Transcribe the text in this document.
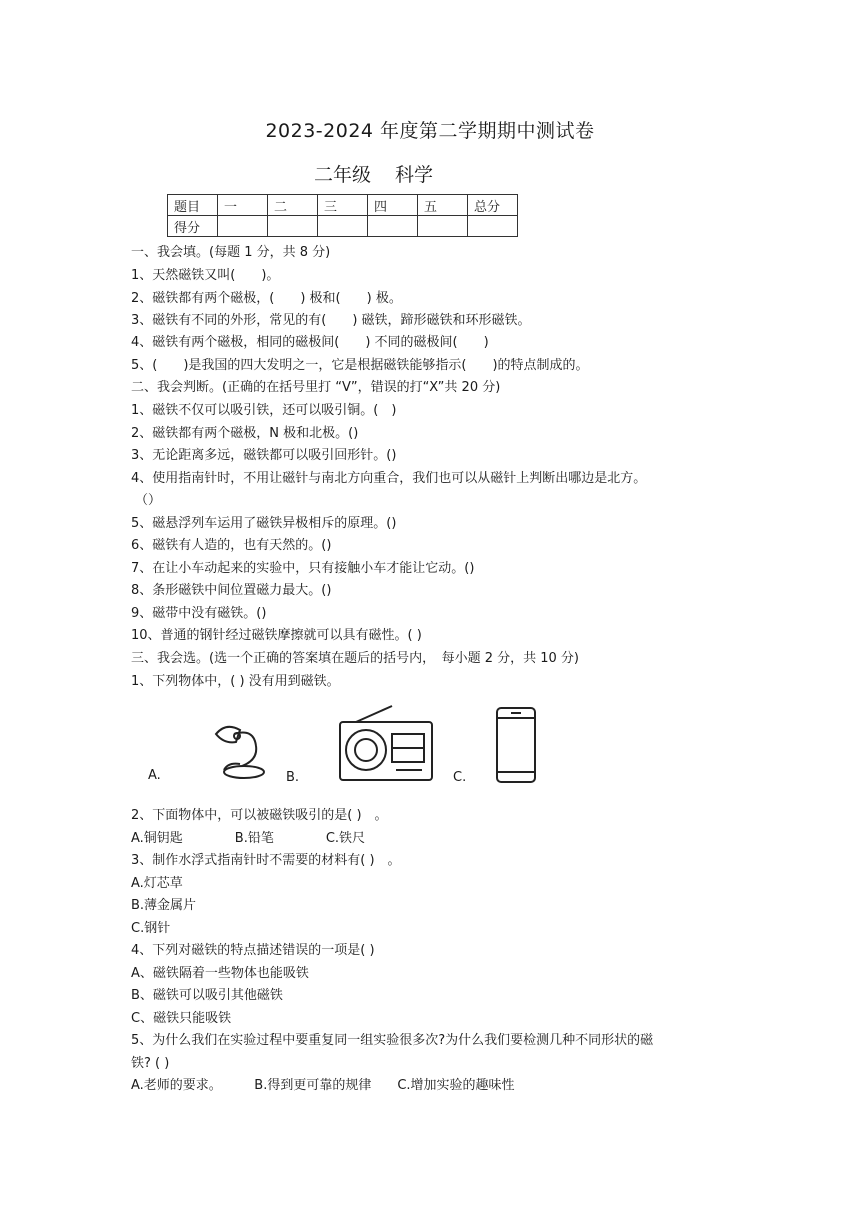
2023-2024 年度第二学期期中测试卷
二年级 科学
题目	一	二	三	四	五	总分
得分						
一、我会填。(每题 1 分，共 8 分)
1、天然磁铁又叫(　　)。
2、磁铁都有两个磁极，(　　) 极和(　　) 极。
3、磁铁有不同的外形，常见的有(　　) 磁铁，蹄形磁铁和环形磁铁。
4、磁铁有两个磁极，相同的磁极间(　　) 不同的磁极间(　　)
5、(　　)是我国的四大发明之一，它是根据磁铁能够指示(　　)的特点制成的。
二、我会判断。(正确的在括号里打 “V”，错误的打“X”共 20 分)
1、磁铁不仅可以吸引铁，还可以吸引铜。(　)
2、磁铁都有两个磁极，N 极和北极。()
3、无论距离多远，磁铁都可以吸引回形针。()
4、使用指南针时，不用让磁针与南北方向重合，我们也可以从磁针上判断出哪边是北方。
（）
5、磁悬浮列车运用了磁铁异极相斥的原理。()
6、磁铁有人造的，也有天然的。()
7、在让小车动起来的实验中，只有接触小车才能让它动。()
8、条形磁铁中间位置磁力最大。()
9、磁带中没有磁铁。()
10、普通的钢针经过磁铁摩擦就可以具有磁性。( )
三、我会选。(选一个正确的答案填在题后的括号内，　每小题 2 分，共 10 分)
1、下列物体中，( ) 没有用到磁铁。
A.	B.	C.
2、下面物体中，可以被磁铁吸引的是( )　。
A.铜钥匙　　　　B.铅笔　　　　C.铁尺
3、制作水浮式指南针时不需要的材料有( )　。
A.灯芯草
B.薄金属片
C.钢针
4、下列对磁铁的特点描述错误的一项是( )
A、磁铁隔着一些物体也能吸铁
B、磁铁可以吸引其他磁铁
C、磁铁只能吸铁
5、为什么我们在实验过程中要重复同一组实验很多次?为什么我们要检测几种不同形状的磁
铁? ( )
A.老师的要求。　　　B.得到更可靠的规律　　C.增加实验的趣味性
